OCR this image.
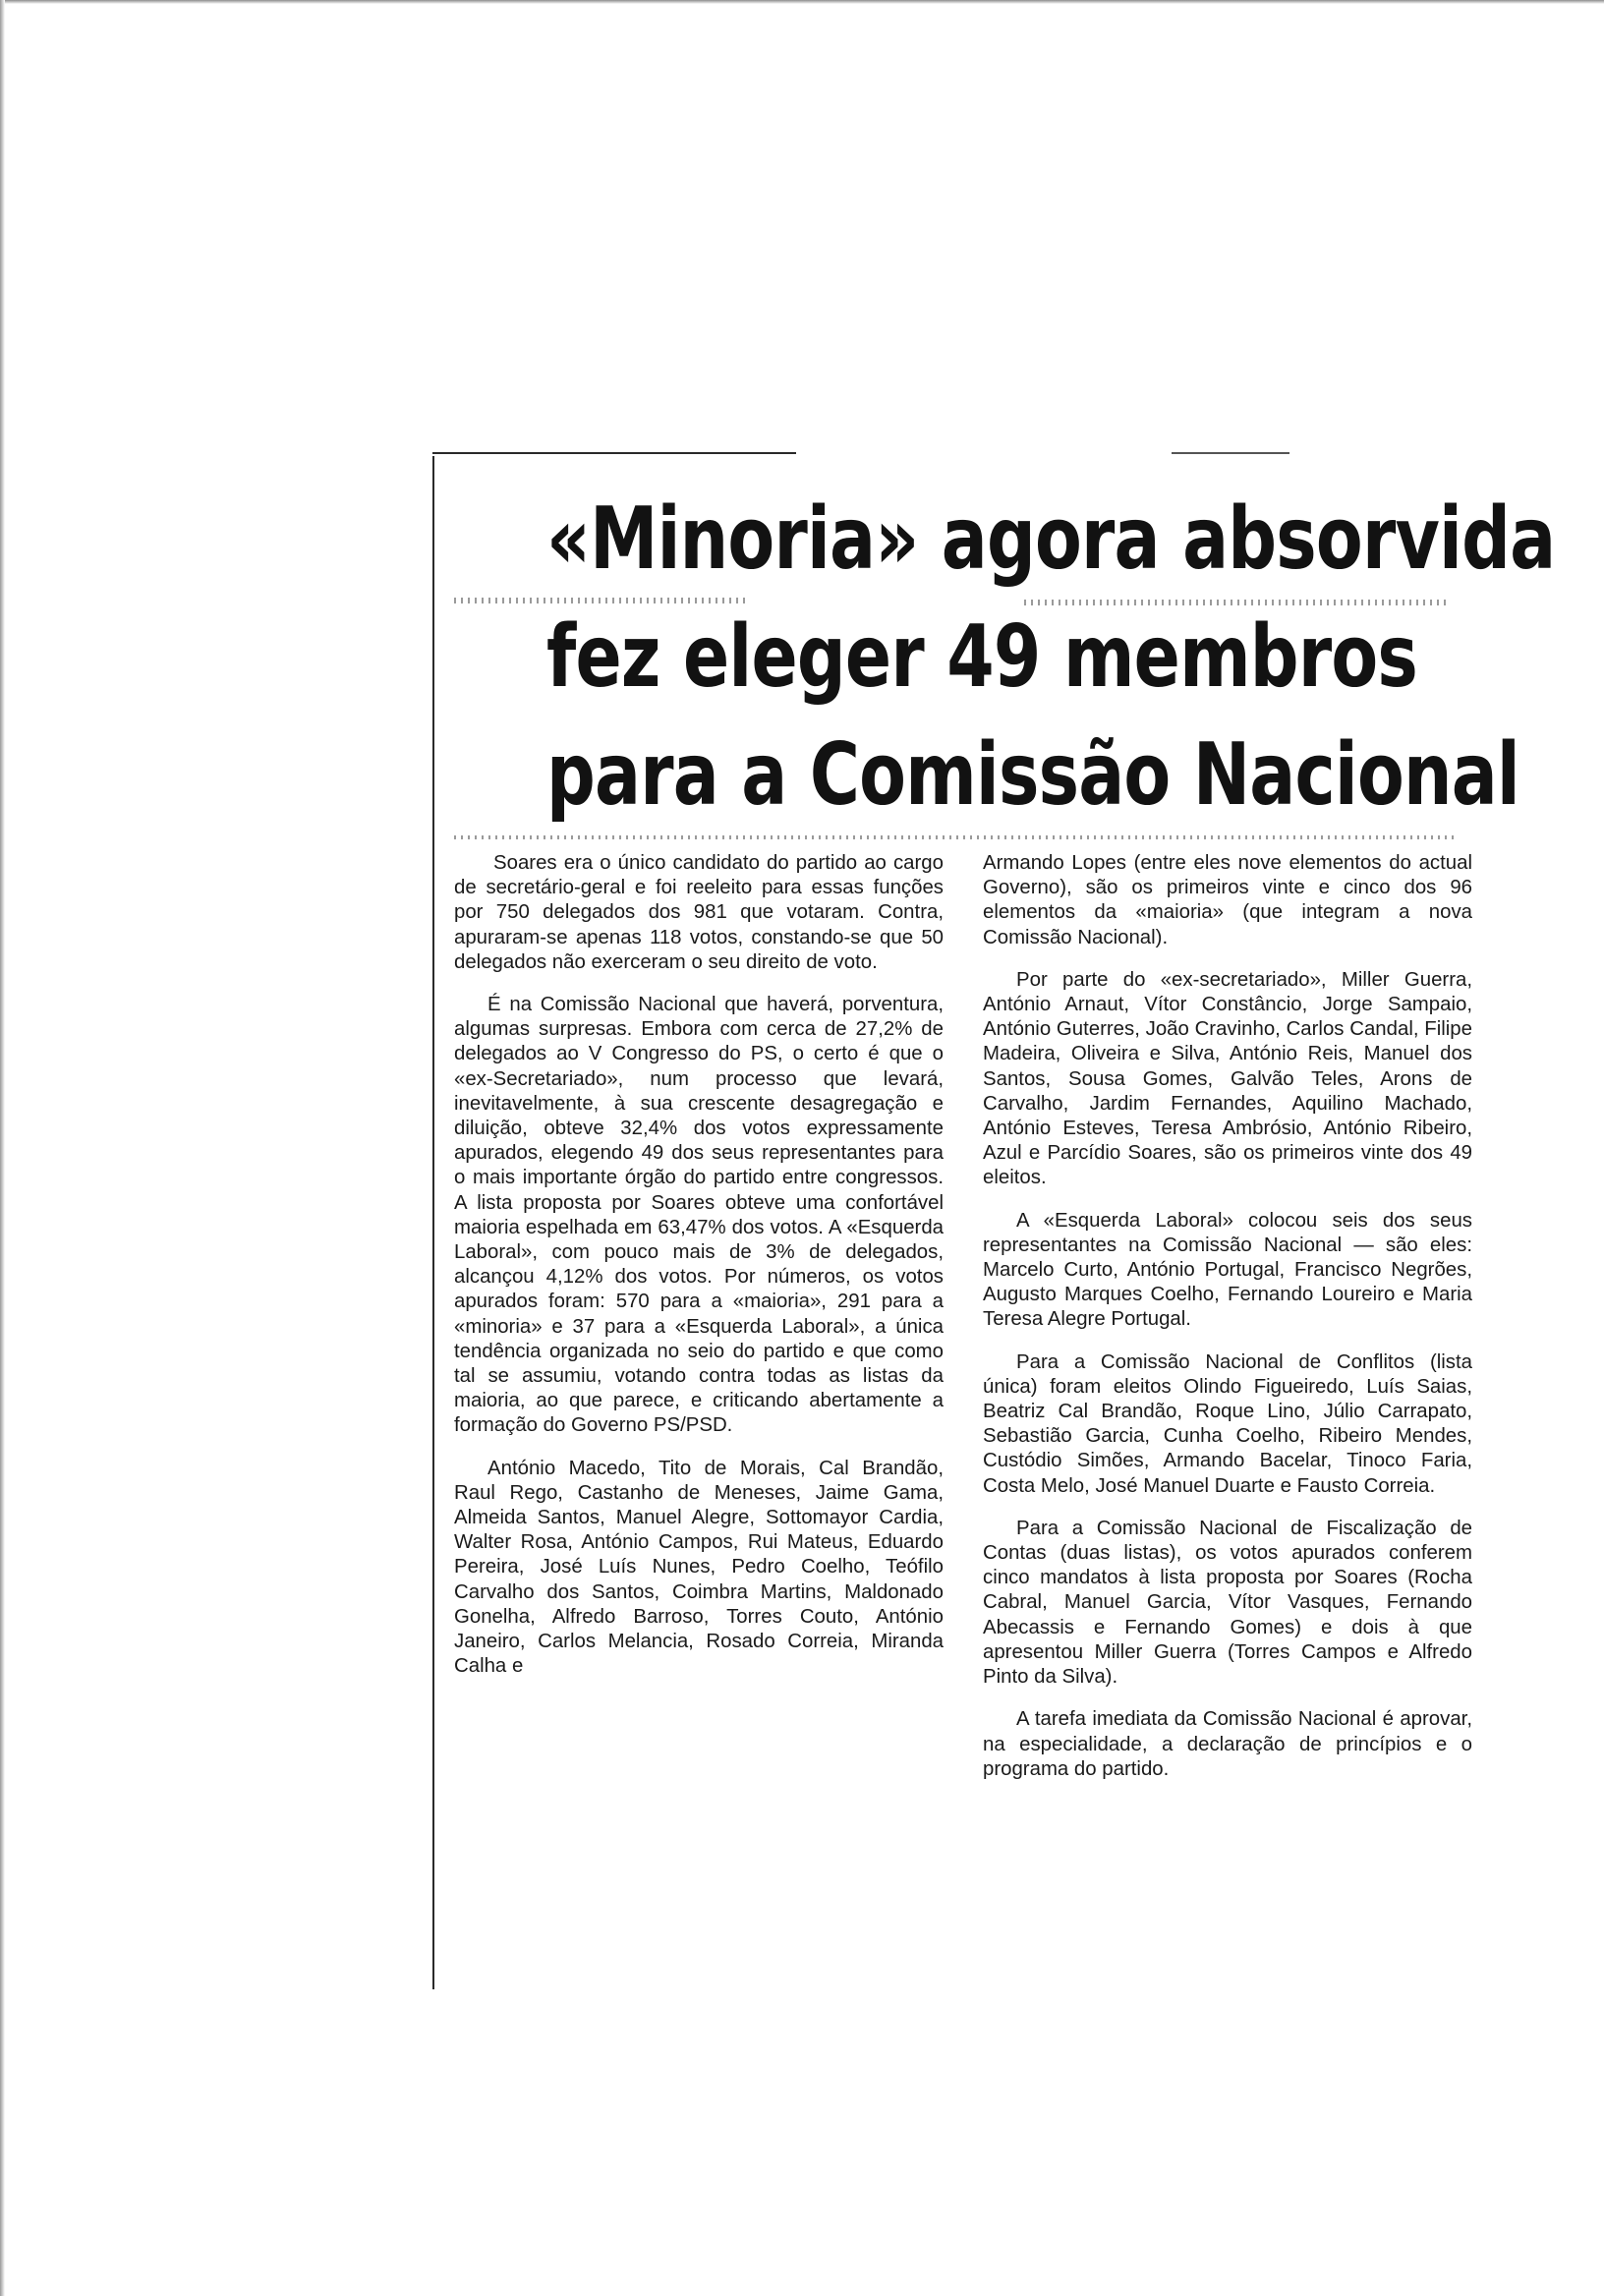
«Minoria» agora absorvida
fez eleger 49 membros
para a Comissão Nacional

Soares era o único candidato do partido ao cargo de secretário-geral e foi reeleito para essas funções por 750 delegados dos 981 que votaram. Contra, apuraram-se apenas 118 votos, constando-se que 50 delegados não exerceram o seu direito de voto.

É na Comissão Nacional que haverá, porventura, algumas surpresas. Embora com cerca de 27,2% de delegados ao V Congresso do PS, o certo é que o «ex-Secretariado», num processo que levará, inevitavelmente, à sua crescente desagregação e diluição, obteve 32,4% dos votos expressamente apurados, elegendo 49 dos seus representantes para o mais importante órgão do partido entre congressos. A lista proposta por Soares obteve uma confortável maioria espelhada em 63,47% dos votos. A «Esquerda Laboral», com pouco mais de 3% de delegados, alcançou 4,12% dos votos. Por números, os votos apurados foram: 570 para a «maioria», 291 para a «minoria» e 37 para a «Esquerda Laboral», a única tendência organizada no seio do partido e que como tal se assumiu, votando contra todas as listas da maioria, ao que parece, e criticando abertamente a formação do Governo PS/PSD.

António Macedo, Tito de Morais, Cal Brandão, Raul Rego, Castanho de Meneses, Jaime Gama, Almeida Santos, Manuel Alegre, Sottomayor Cardia, Walter Rosa, António Campos, Rui Mateus, Eduardo Pereira, José Luís Nunes, Pedro Coelho, Teófilo Carvalho dos Santos, Coimbra Martins, Maldonado Gonelha, Alfredo Barroso, Torres Couto, António Janeiro, Carlos Melancia, Rosado Correia, Miranda Calha e

Armando Lopes (entre eles nove elementos do actual Governo), são os primeiros vinte e cinco dos 96 elementos da «maioria» (que integram a nova Comissão Nacional).

Por parte do «ex-secretariado», Miller Guerra, António Arnaut, Vítor Constâncio, Jorge Sampaio, António Guterres, João Cravinho, Carlos Candal, Filipe Madeira, Oliveira e Silva, António Reis, Manuel dos Santos, Sousa Gomes, Galvão Teles, Arons de Carvalho, Jardim Fernandes, Aquilino Machado, António Esteves, Teresa Ambrósio, António Ribeiro, Azul e Parcídio Soares, são os primeiros vinte dos 49 eleitos.

A «Esquerda Laboral» colocou seis dos seus representantes na Comissão Nacional — são eles: Marcelo Curto, António Portugal, Francisco Negrões, Augusto Marques Coelho, Fernando Loureiro e Maria Teresa Alegre Portugal.

Para a Comissão Nacional de Conflitos (lista única) foram eleitos Olindo Figueiredo, Luís Saias, Beatriz Cal Brandão, Roque Lino, Júlio Carrapato, Sebastião Garcia, Cunha Coelho, Ribeiro Mendes, Custódio Simões, Armando Bacelar, Tinoco Faria, Costa Melo, José Manuel Duarte e Fausto Correia.

Para a Comissão Nacional de Fiscalização de Contas (duas listas), os votos apurados conferem cinco mandatos à lista proposta por Soares (Rocha Cabral, Manuel Garcia, Vítor Vasques, Fernando Abecassis e Fernando Gomes) e dois à que apresentou Miller Guerra (Torres Campos e Alfredo Pinto da Silva).

A tarefa imediata da Comissão Nacional é aprovar, na especialidade, a declaração de princípios e o programa do partido.
